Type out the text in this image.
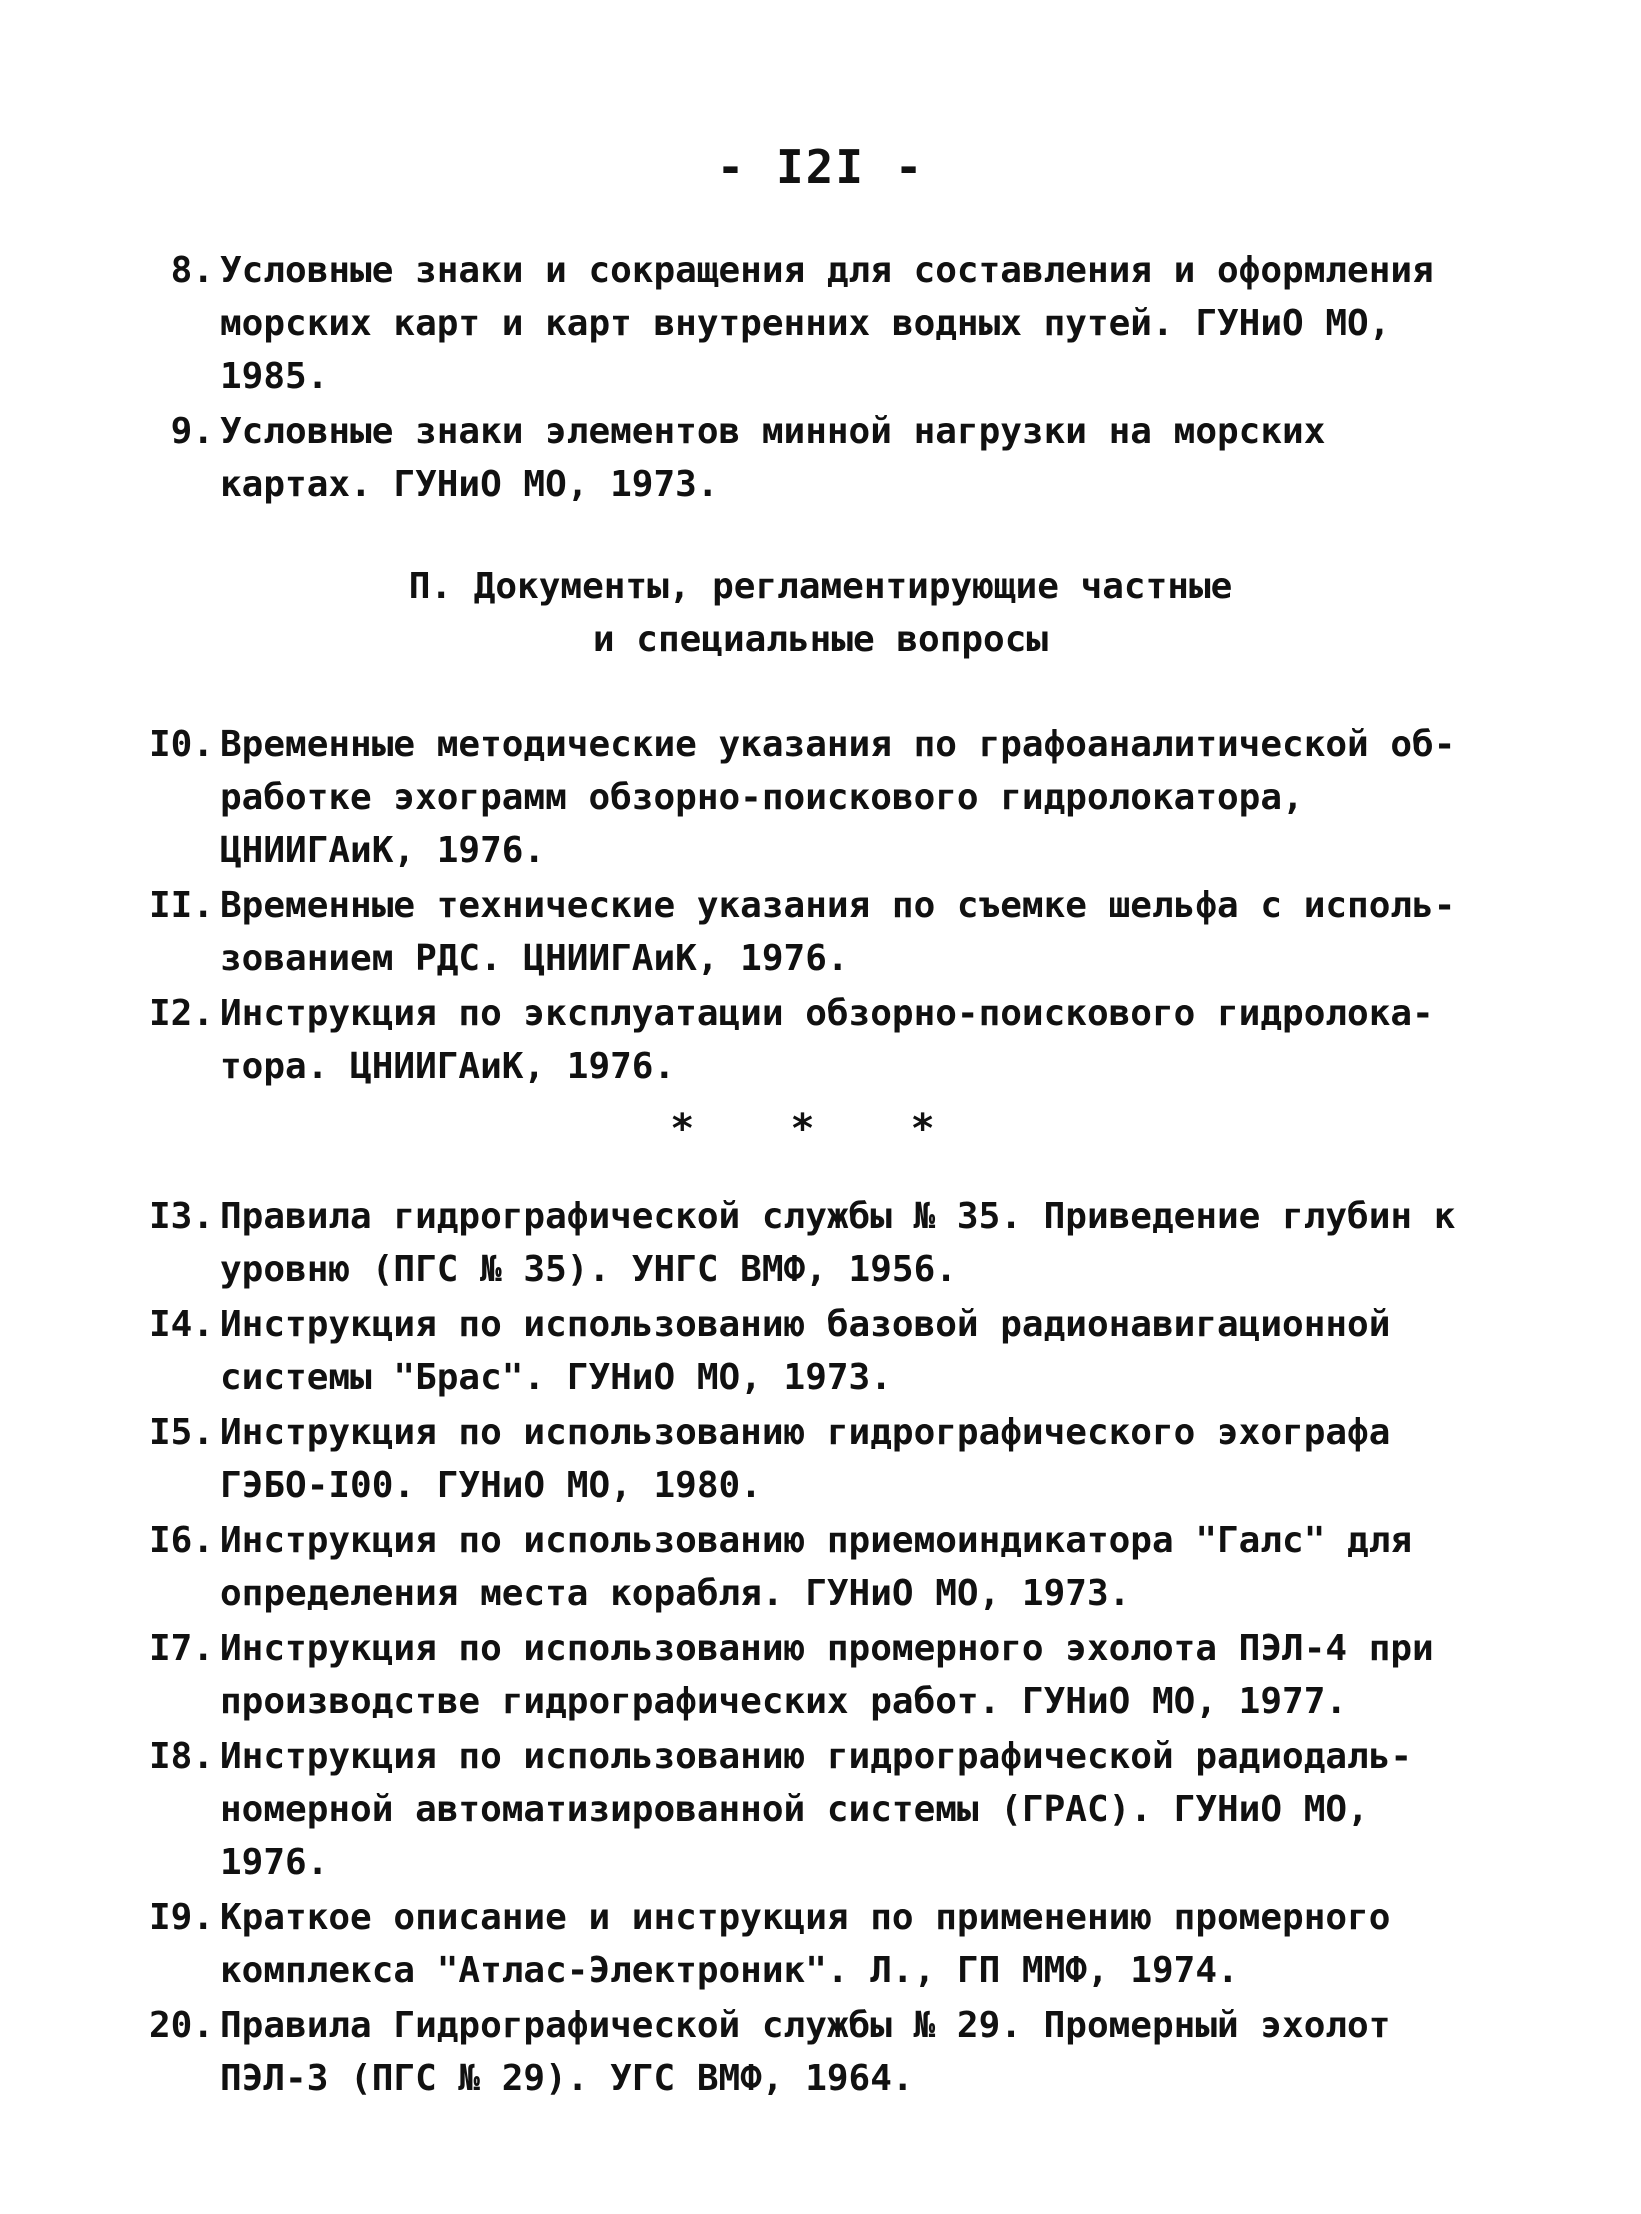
- I2I -
8. Условные знаки и сокращения для составления и оформления
морских карт и карт внутренних водных путей. ГУНиО МО,
1985.
9. Условные знаки элементов минной нагрузки на морских
картах. ГУНиО МО, 1973.
П. Документы, регламентирующие частные
и специальные вопросы
I0. Временные методические указания по графоаналитической об-
работке эхограмм обзорно-поискового гидролокатора,
ЦНИИГАиК, 1976.
II. Временные технические указания по съемке шельфа с исполь-
зованием РДС. ЦНИИГАиК, 1976.
I2. Инструкция по эксплуатации обзорно-поискового гидролока-
тора. ЦНИИГАиК, 1976.
* * *
I3. Правила гидрографической службы № 35. Приведение глубин к
уровню (ПГС № 35). УНГС ВМФ, 1956.
I4. Инструкция по использованию базовой радионавигационной
системы "Брас". ГУНиО МО, 1973.
I5. Инструкция по использованию гидрографического эхографа
ГЭБО-I00. ГУНиО МО, 1980.
I6. Инструкция по использованию приемоиндикатора "Галс" для
определения места корабля. ГУНиО МО, 1973.
I7. Инструкция по использованию промерного эхолота ПЭЛ-4 при
производстве гидрографических работ. ГУНиО МО, 1977.
I8. Инструкция по использованию гидрографической радиодаль-
номерной автоматизированной системы (ГРАС). ГУНиО МО,
1976.
I9. Краткое описание и инструкция по применению промерного
комплекса "Атлас-Электроник". Л., ГП ММФ, 1974.
20. Правила Гидрографической службы № 29. Промерный эхолот
ПЭЛ-3 (ПГС № 29). УГС ВМФ, 1964.
